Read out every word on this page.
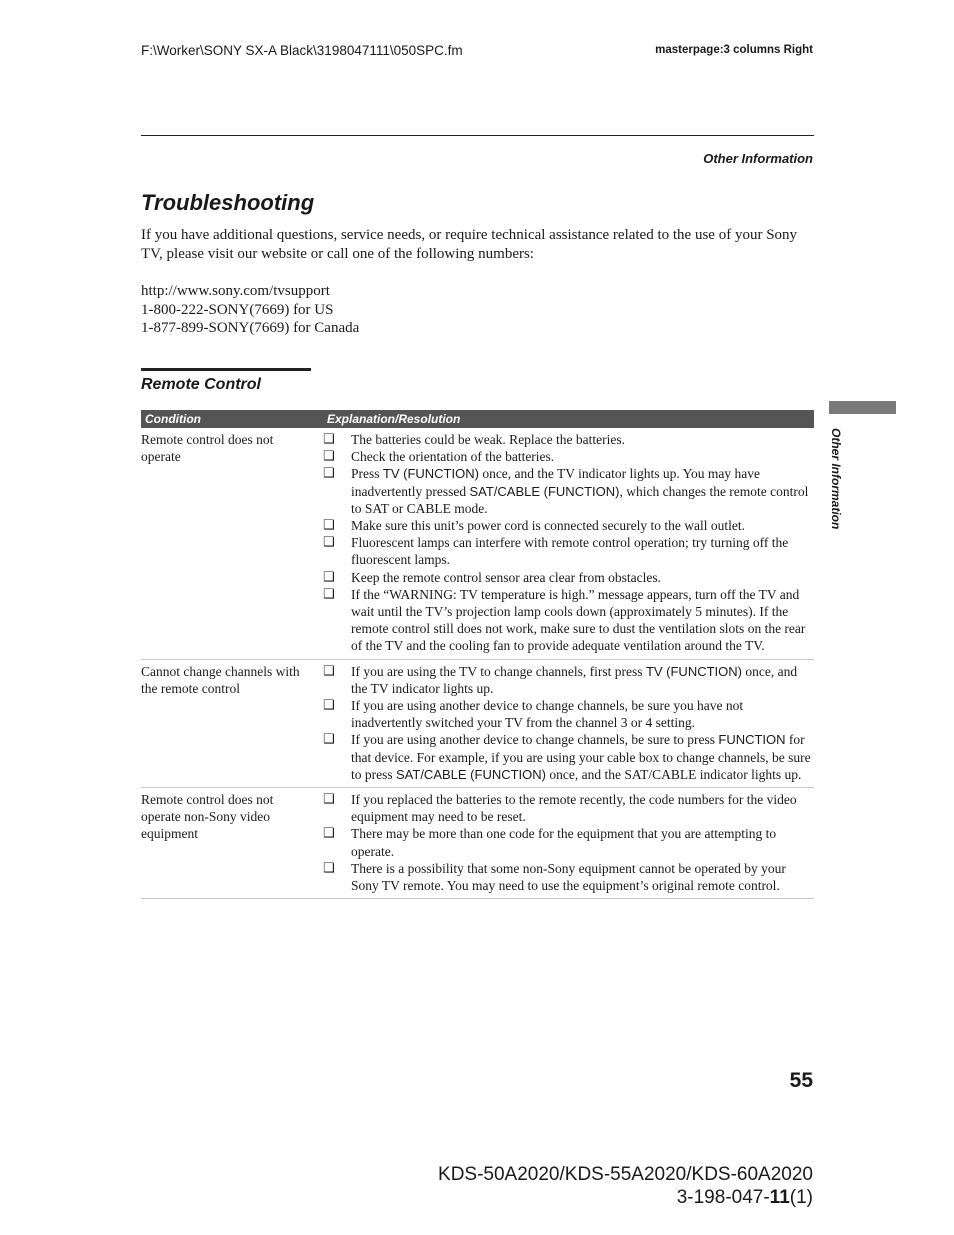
F:\Worker\SONY SX-A Black\3198047111\050SPC.fm	masterpage:3 columns Right
Other Information
Troubleshooting

If you have additional questions, service needs, or require technical assistance related to the use of your Sony TV, please visit our website or call one of the following numbers:

http://www.sony.com/tvsupport
1-800-222-SONY(7669) for US
1-877-899-SONY(7669) for Canada
Remote Control
Other Information
Condition	Explanation/Resolution
Remote control does not operate
❑	The batteries could be weak. Replace the batteries.
❑	Check the orientation of the batteries.
❑	Press TV (FUNCTION) once, and the TV indicator lights up. You may have inadvertently pressed SAT/CABLE (FUNCTION), which changes the remote control to SAT or CABLE mode.
❑	Make sure this unit’s power cord is connected securely to the wall outlet.
❑	Fluorescent lamps can interfere with remote control operation; try turning off the fluorescent lamps.
❑	Keep the remote control sensor area clear from obstacles.
❑	If the “WARNING: TV temperature is high.” message appears, turn off the TV and wait until the TV’s projection lamp cools down (approximately 5 minutes). If the remote control still does not work, make sure to dust the ventilation slots on the rear of the TV and the cooling fan to provide adequate ventilation around the TV.
Cannot change channels with the remote control
❑	If you are using the TV to change channels, first press TV (FUNCTION) once, and the TV indicator lights up.
❑	If you are using another device to change channels, be sure you have not inadvertently switched your TV from the channel 3 or 4 setting.
❑	If you are using another device to change channels, be sure to press FUNCTION for that device. For example, if you are using your cable box to change channels, be sure to press SAT/CABLE (FUNCTION) once, and the SAT/CABLE indicator lights up.
Remote control does not operate non-Sony video equipment
❑	If you replaced the batteries to the remote recently, the code numbers for the video equipment may need to be reset.
❑	There may be more than one code for the equipment that you are attempting to operate.
❑	There is a possibility that some non-Sony equipment cannot be operated by your Sony TV remote. You may need to use the equipment’s original remote control.
55
KDS-50A2020/KDS-55A2020/KDS-60A2020
3-198-047-11(1)
